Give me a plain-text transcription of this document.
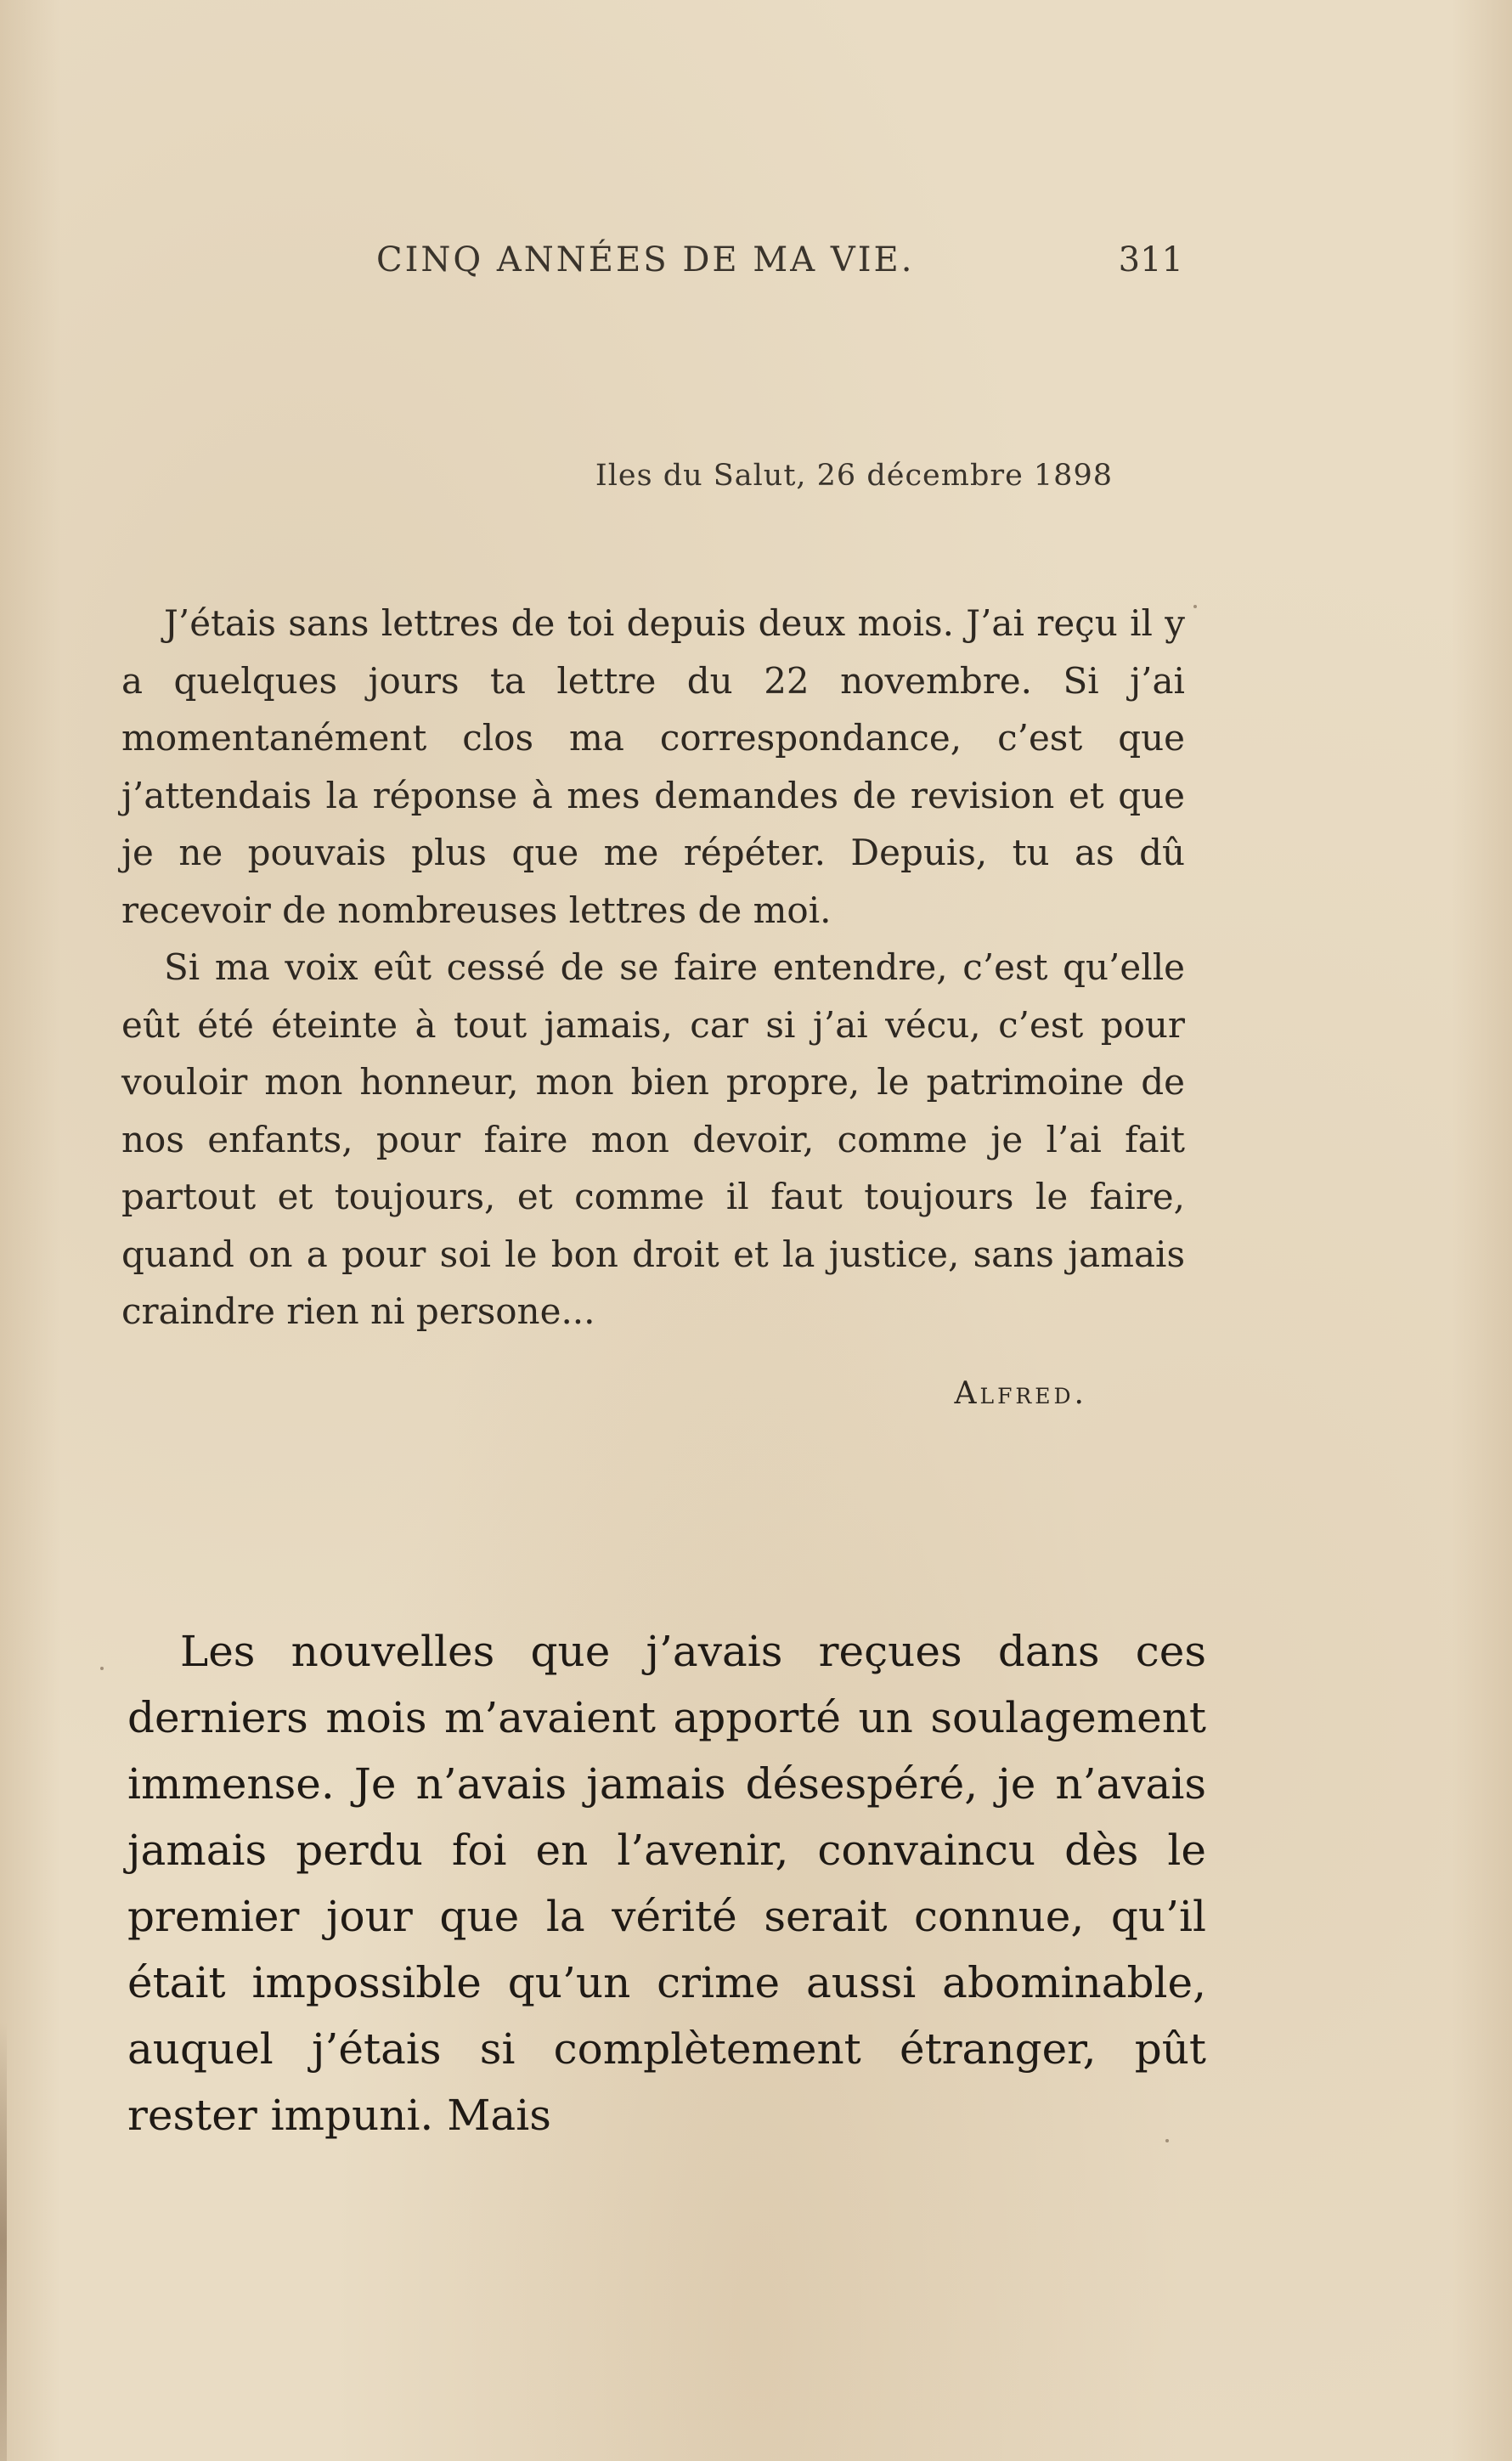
CINQ ANNÉES DE MA VIE.	311
Iles du Salut, 26 décembre 1898

J’étais sans lettres de toi depuis deux mois. J’ai reçu il y a quelques jours ta lettre du 22 novembre. Si j’ai momentanément clos ma correspondance, c’est que j’attendais la réponse à mes demandes de revision et que je ne pouvais plus que me répéter. Depuis, tu as dû recevoir de nombreuses lettres de moi.

Si ma voix eût cessé de se faire entendre, c’est qu’elle eût été éteinte à tout jamais, car si j’ai vécu, c’est pour vouloir mon honneur, mon bien propre, le patrimoine de nos enfants, pour faire mon devoir, comme je l’ai fait partout et toujours, et comme il faut toujours le faire, quand on a pour soi le bon droit et la justice, sans jamais craindre rien ni persone...

Alfred.

Les nouvelles que j’avais reçues dans ces derniers mois m’avaient apporté un soulagement immense. Je n’avais jamais désespéré, je n’avais jamais perdu foi en l’avenir, convaincu dès le premier jour que la vérité serait connue, qu’il était impossible qu’un crime aussi abominable, auquel j’étais si complètement étranger, pût rester impuni. Mais
